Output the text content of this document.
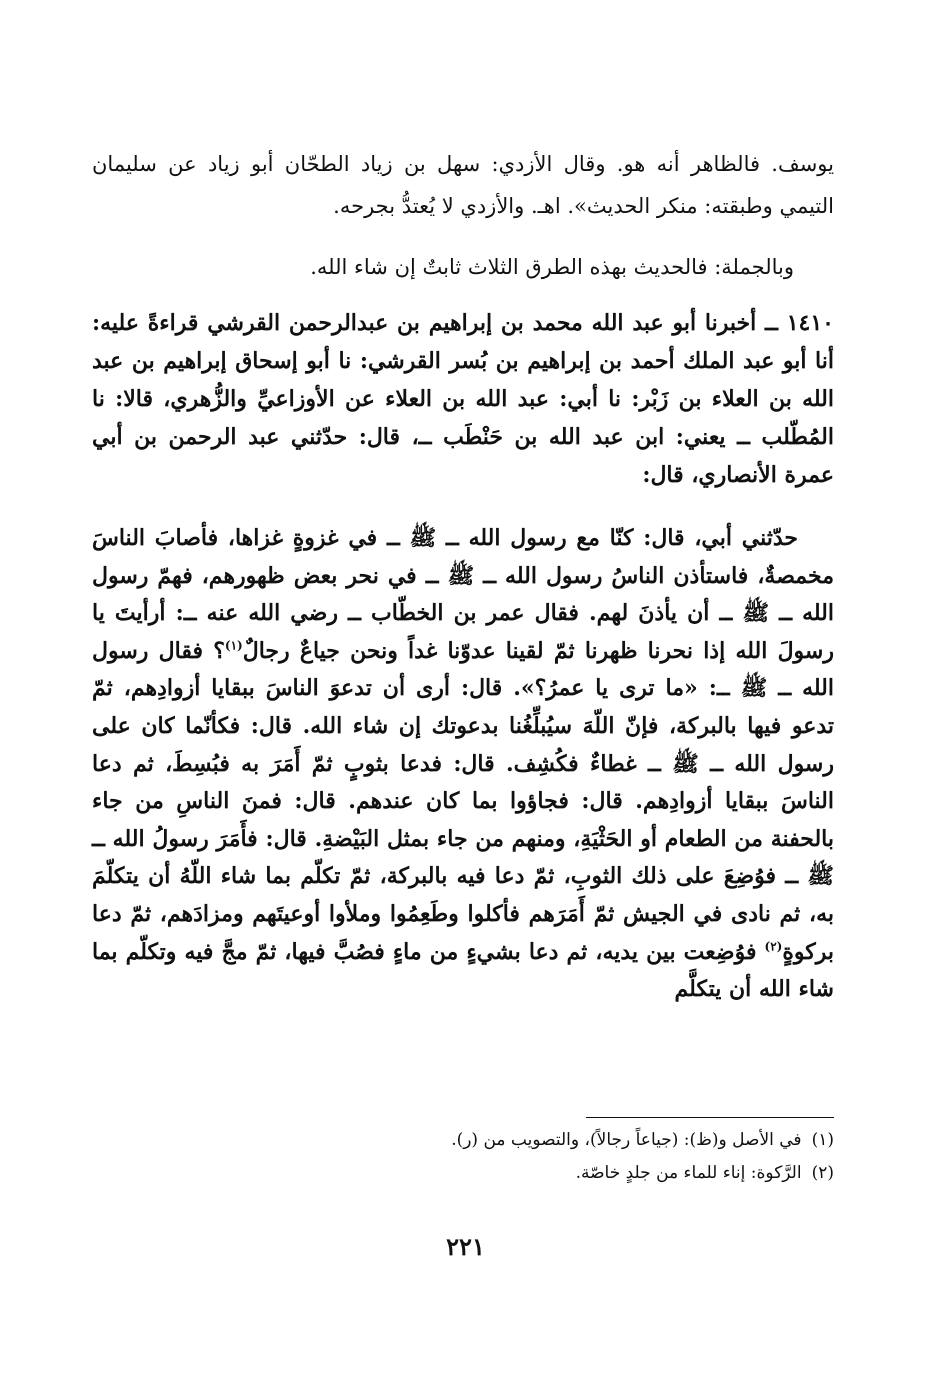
يوسف. فالظاهر أنه هو. وقال الأزدي: سهل بن زياد الطحّان أبو زياد عن سليمان التيمي وطبقته: منكر الحديث». اهـ. والأزدي لا يُعتدُّ بجرحه.

وبالجملة: فالحديث بهذه الطرق الثلاث ثابتٌ إن شاء الله.

١٤١٠ ــ أخبرنا أبو عبد الله محمد بن إبراهيم بن عبدالرحمن القرشي قراءةً عليه: أنا أبو عبد الملك أحمد بن إبراهيم بن بُسر القرشي: نا أبو إسحاق إبراهيم بن عبد الله بن العلاء بن زَبْر: نا أبي: عبد الله بن العلاء عن الأوزاعيِّ والزُّهري، قالا: نا المُطّلب ــ يعني: ابن عبد الله بن حَنْطَب ــ، قال: حدّثني عبد الرحمن بن أبي عمرة الأنصاري، قال:

حدّثني أبي، قال: كنّا مع رسول الله ــ ﷺ ــ في غزوةٍ غزاها، فأصابَ الناسَ مخمصةٌ، فاستأذن الناسُ رسول الله ــ ﷺ ــ في نحر بعض ظهورهم، فهمّ رسول الله ــ ﷺ ــ أن يأذنَ لهم. فقال عمر بن الخطّاب ــ رضي الله عنه ــ: أرأيتَ يا رسولَ الله إذا نحرنا ظهرنا ثمّ لقينا عدوّنا غداً ونحن جياعٌ رجالٌ$^{(١)}$؟ فقال رسول الله ــ ﷺ ــ: «ما ترى يا عمرُ؟». قال: أرى أن تدعوَ الناسَ ببقايا أزوادِهم، ثمّ تدعو فيها بالبركة، فإنّ اللّهَ سيُبلِّغُنا بدعوتك إن شاء الله. قال: فكأنّما كان على رسول الله ــ ﷺ ــ غطاءٌ فكُشِف. قال: فدعا بثوبٍ ثمّ أَمَرَ به فبُسِطَ، ثم دعا الناسَ ببقايا أزوادِهم. قال: فجاؤوا بما كان عندهم. قال: فمنَ الناسِ من جاء بالحفنة من الطعام أو الحَثْيَةِ، ومنهم من جاء بمثل البَيْضةِ. قال: فأَمَرَ رسولُ الله ــ ﷺ ــ فوُضِعَ على ذلك الثوبِ، ثمّ دعا فيه بالبركة، ثمّ تكلّم بما شاء اللّهُ أن يتكلّمَ به، ثم نادى في الجيش ثمّ أَمَرَهم فأكلوا وطَعِمُوا وملأوا أوعيتَهم ومزادَهم، ثمّ دعا بركوةٍ$^{(٢)}$ فوُضِعت بين يديه، ثم دعا بشيءٍ من ماءٍ فصُبَّ فيها، ثمّ مجَّ فيه وتكلّم بما شاء الله أن يتكلَّم

(١)
في الأصل و(ظ): (جياعاً رجالاً)، والتصويب من (ر).
(٢)
الرَّكوة: إناء للماء من جلدٍ خاصّة.
٢٢١
